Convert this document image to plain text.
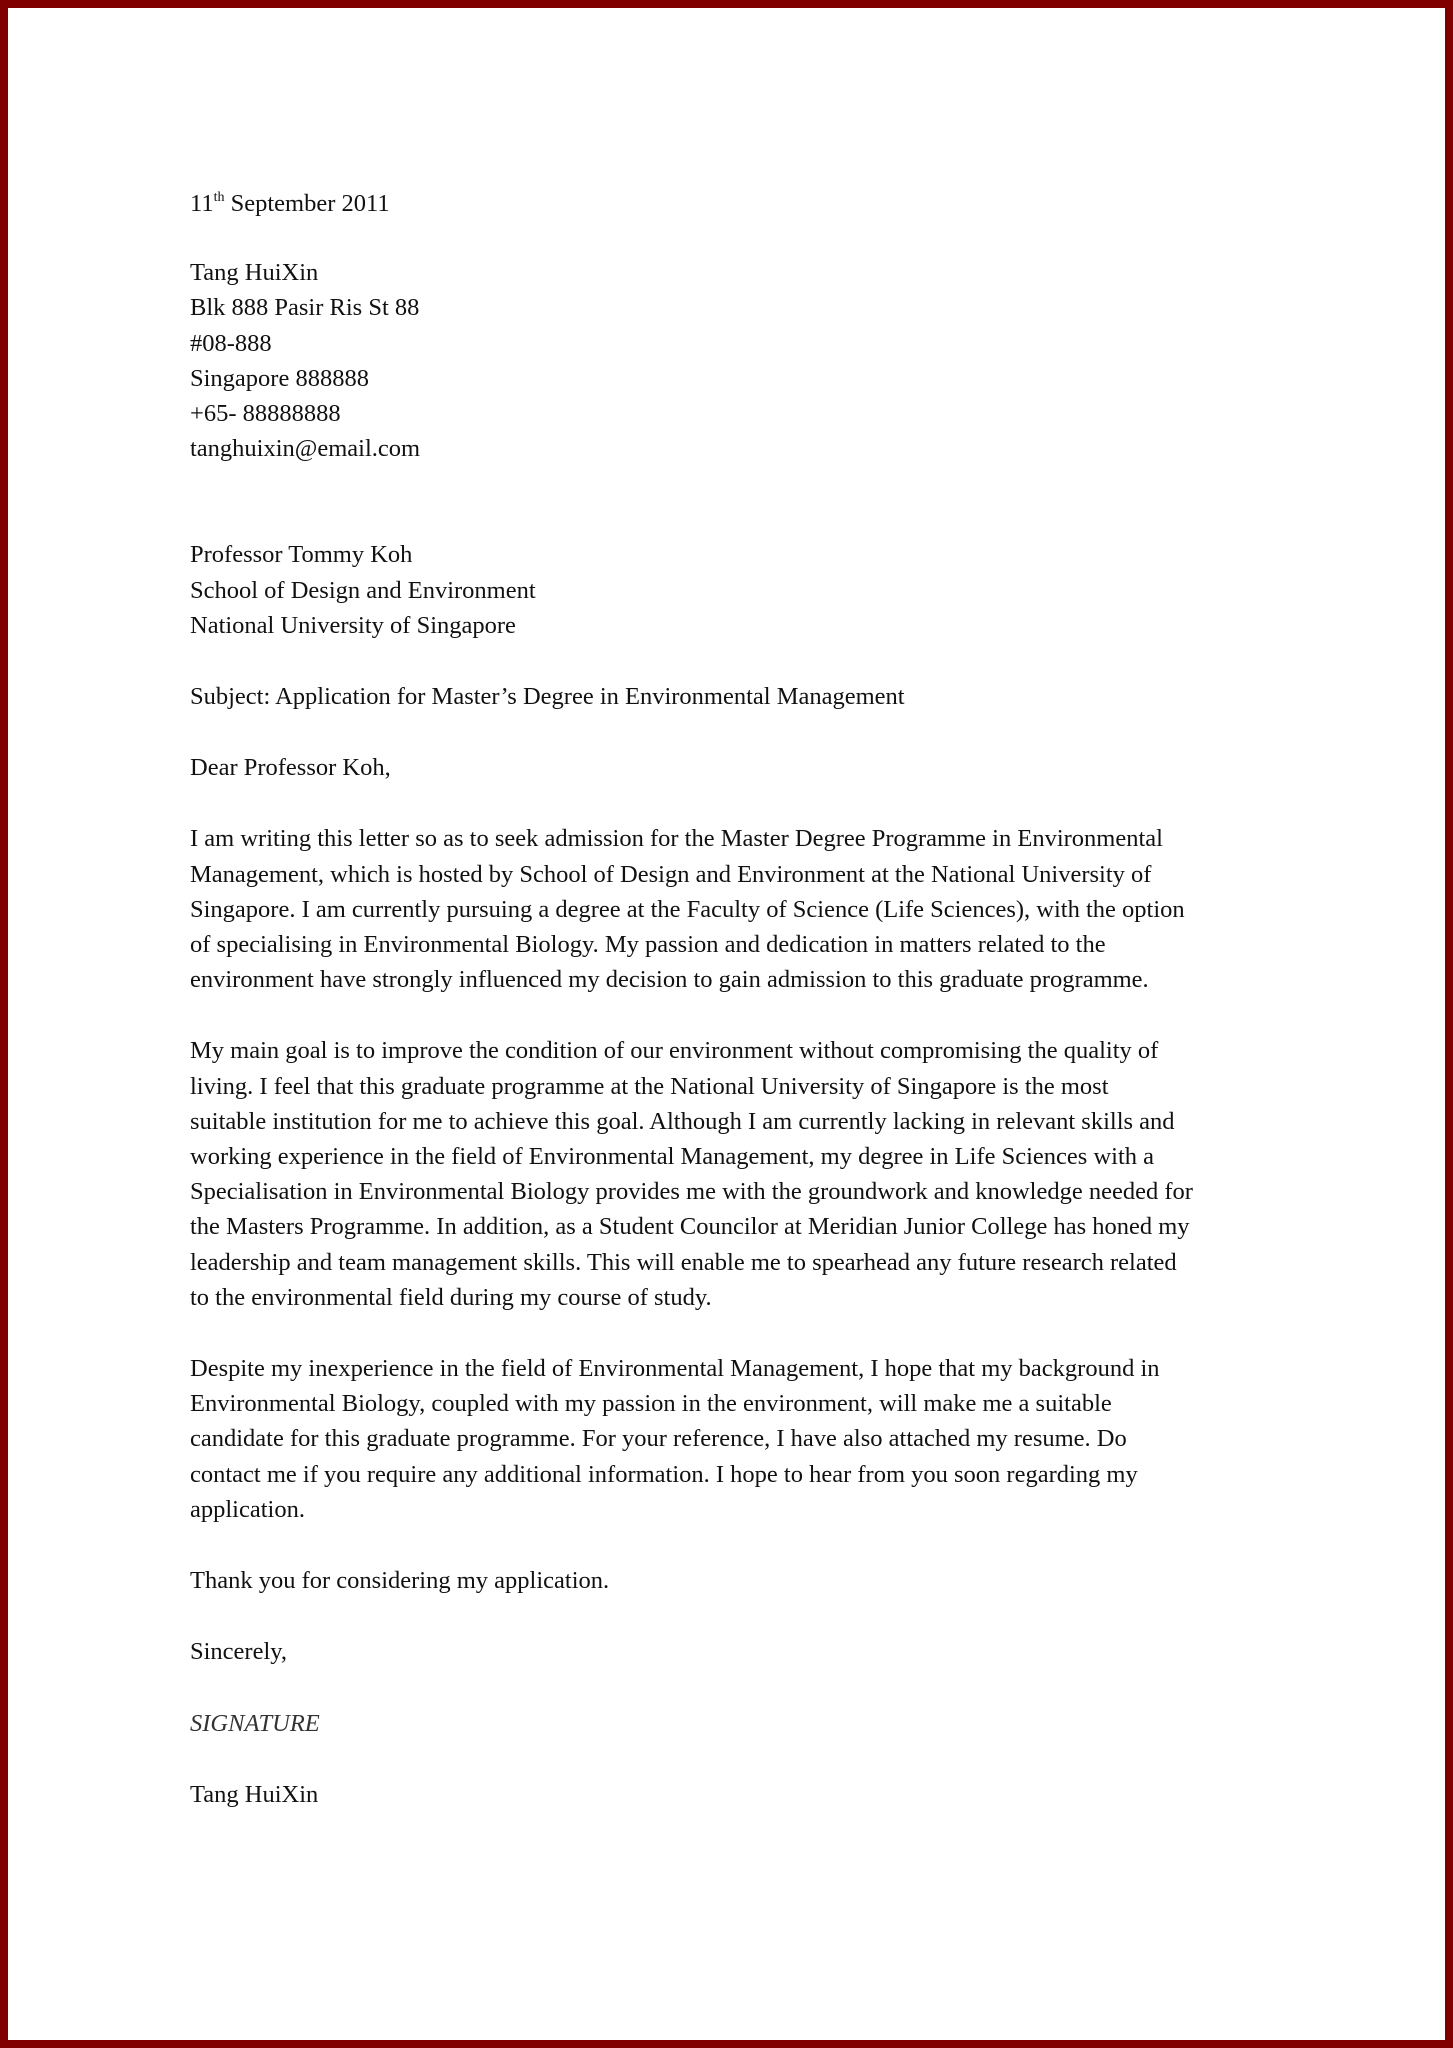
11th September 2011
Tang HuiXin
Blk 888 Pasir Ris St 88
#08-888
Singapore 888888
+65- 88888888
tanghuixin@email.com
Professor Tommy Koh
School of Design and Environment
National University of Singapore
Subject: Application for Master’s Degree in Environmental Management
Dear Professor Koh,
I am writing this letter so as to seek admission for the Master Degree Programme in Environmental
Management, which is hosted by School of Design and Environment at the National University of
Singapore. I am currently pursuing a degree at the Faculty of Science (Life Sciences), with the option
of specialising in Environmental Biology. My passion and dedication in matters related to the
environment have strongly influenced my decision to gain admission to this graduate programme.
My main goal is to improve the condition of our environment without compromising the quality of
living. I feel that this graduate programme at the National University of Singapore is the most
suitable institution for me to achieve this goal. Although I am currently lacking in relevant skills and
working experience in the field of Environmental Management, my degree in Life Sciences with a
Specialisation in Environmental Biology provides me with the groundwork and knowledge needed for
the Masters Programme. In addition, as a Student Councilor at Meridian Junior College has honed my
leadership and team management skills. This will enable me to spearhead any future research related
to the environmental field during my course of study.
Despite my inexperience in the field of Environmental Management, I hope that my background in
Environmental Biology, coupled with my passion in the environment, will make me a suitable
candidate for this graduate programme. For your reference, I have also attached my resume. Do
contact me if you require any additional information. I hope to hear from you soon regarding my
application.
Thank you for considering my application.
Sincerely,
SIGNATURE
Tang HuiXin
